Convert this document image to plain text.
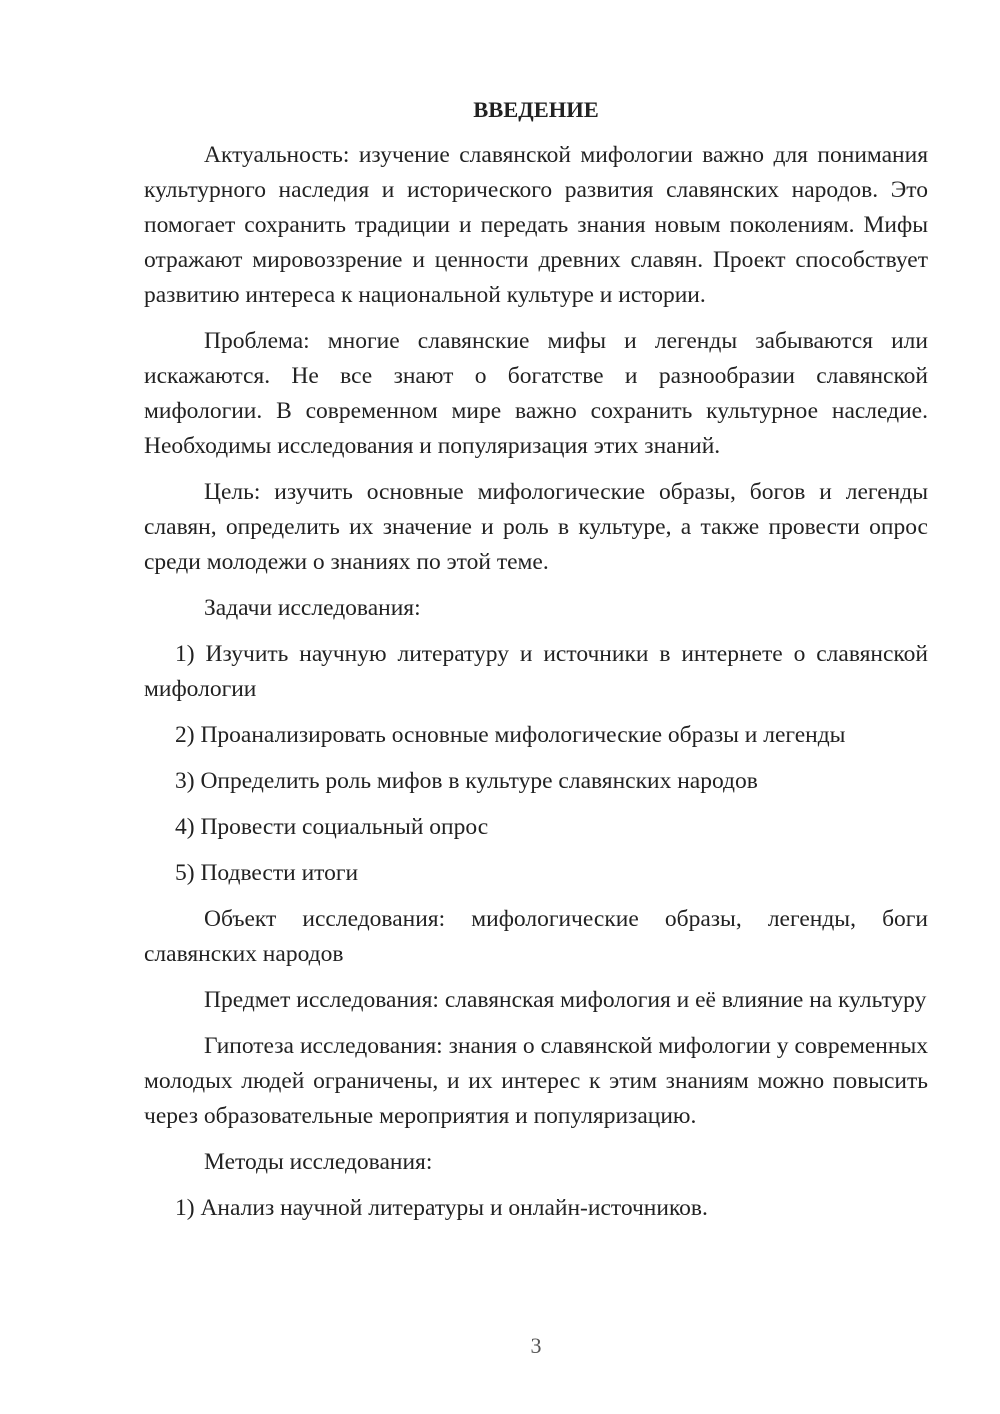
ВВЕДЕНИЕ

Актуальность: изучение славянской мифологии важно для понимания культурного наследия и исторического развития славянских народов. Это помогает сохранить традиции и передать знания новым поколениям. Мифы отражают мировоззрение и ценности древних славян. Проект способствует развитию интереса к национальной культуре и истории.

Проблема: многие славянские мифы и легенды забываются или искажаются. Не все знают о богатстве и разнообразии славянской мифологии. В современном мире важно сохранить культурное наследие. Необходимы исследования и популяризация этих знаний.

Цель: изучить основные мифологические образы, богов и легенды славян, определить их значение и роль в культуре, а также провести опрос среди молодежи о знаниях по этой теме.

Задачи исследования:

1) Изучить научную литературу и источники в интернете о славянской мифологии

2) Проанализировать основные мифологические образы и легенды

3) Определить роль мифов в культуре славянских народов

4) Провести социальный опрос

5) Подвести итоги

Объект исследования: мифологические образы, легенды, боги славянских народов

Предмет исследования: славянская мифология и её влияние на культуру

Гипотеза исследования: знания о славянской мифологии у современных молодых людей ограничены, и их интерес к этим знаниям можно повысить через образовательные мероприятия и популяризацию.

Методы исследования:

1) Анализ научной литературы и онлайн-источников.

3
